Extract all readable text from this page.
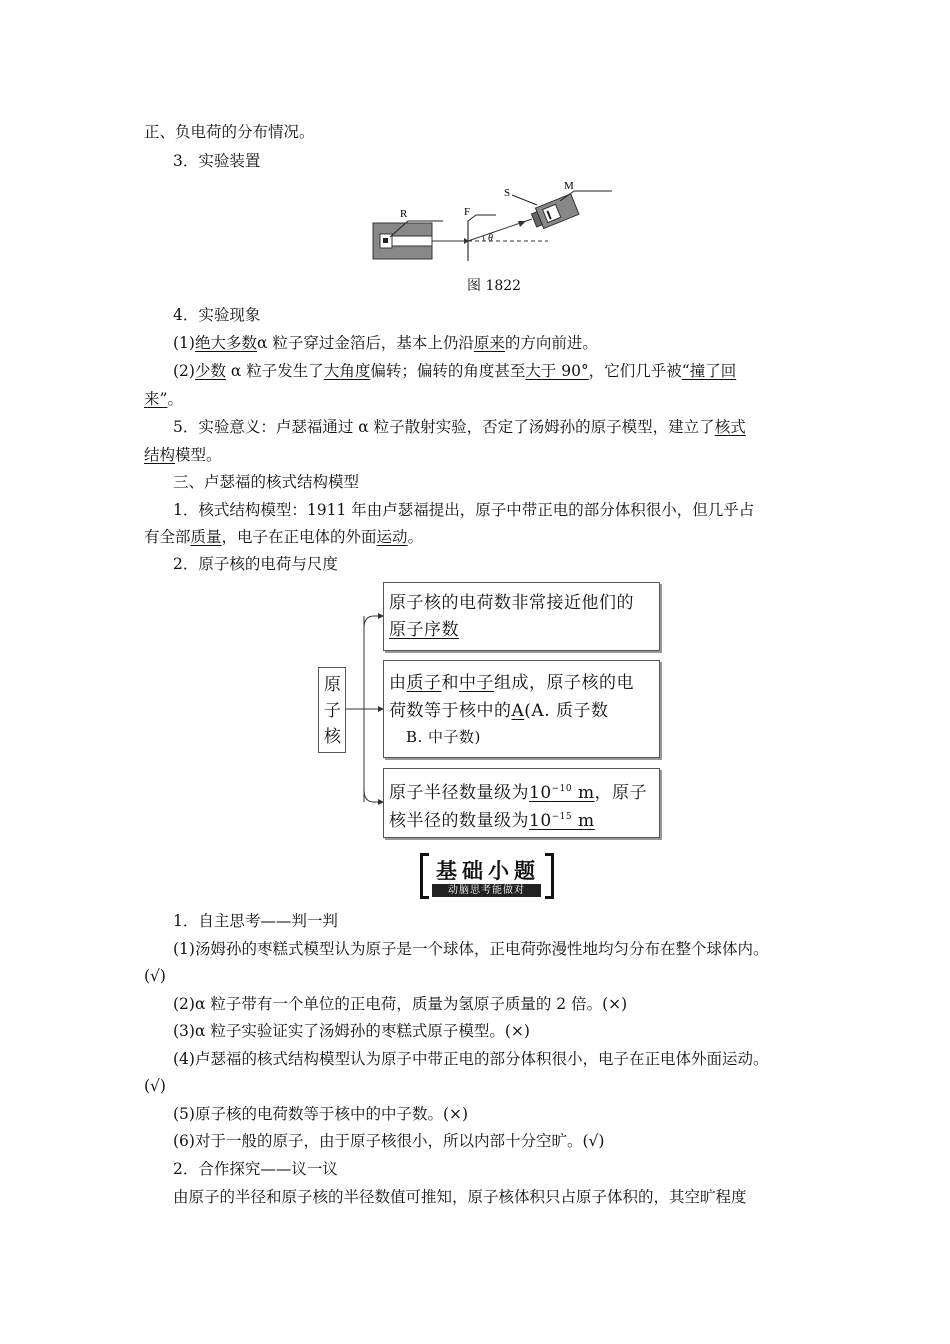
正、负电荷的分布情况。
3．实验装置
R	F
θ
S
M
图 1822
4．实验现象
(1)绝大多数α 粒子穿过金箔后，基本上仍沿原来的方向前进。
(2)少数 α 粒子发生了大角度偏转；偏转的角度甚至大于 90°，它们几乎被“撞了回
来”。
5．实验意义：卢瑟福通过 α 粒子散射实验，否定了汤姆孙的原子模型，建立了核式
结构模型。
三、卢瑟福的核式结构模型
1．核式结构模型：1911 年由卢瑟福提出，原子中带正电的部分体积很小，但几乎占
有全部质量，电子在正电体的外面运动。
2．原子核的电荷与尺度
原子核
原子核的电荷数非常接近他们的
原子序数
由质子和中子组成，原子核的电
荷数等于核中的A(A. 质子数
B. 中子数)
原子半径数量级为$10^{-10}$ m，原子
核半径的数量级为$10^{-15}$ m
基础小题
动脑思考能做对
1．自主思考——判一判
(1)汤姆孙的枣糕式模型认为原子是一个球体，正电荷弥漫性地均匀分布在整个球体内。
(√)
(2)α 粒子带有一个单位的正电荷，质量为氢原子质量的 2 倍。(×)
(3)α 粒子实验证实了汤姆孙的枣糕式原子模型。(×)
(4)卢瑟福的核式结构模型认为原子中带正电的部分体积很小，电子在正电体外面运动。
(√)
(5)原子核的电荷数等于核中的中子数。(×)
(6)对于一般的原子，由于原子核很小，所以内部十分空旷。(√)
2．合作探究——议一议
由原子的半径和原子核的半径数值可推知，原子核体积只占原子体积的，其空旷程度
